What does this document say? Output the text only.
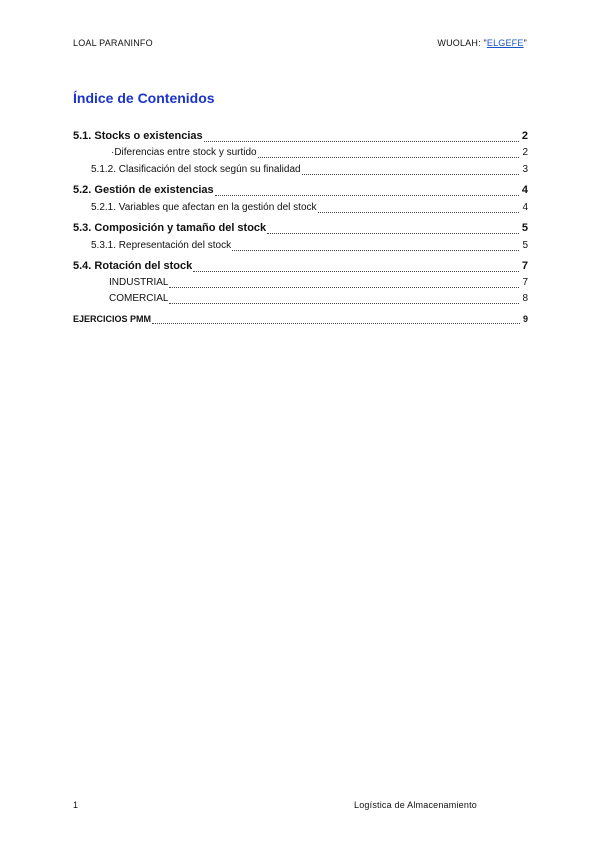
LOAL PARANINFO	WUOLAH: "ELGEFE"
Índice de Contenidos
5.1. Stocks o existencias	2
·Diferencias entre stock y surtido	2
5.1.2. Clasificación del stock según su finalidad	3
5.2. Gestión de existencias	4
5.2.1. Variables que afectan en la gestión del stock	4
5.3. Composición y tamaño del stock	5
5.3.1. Representación del stock	5
5.4. Rotación del stock	7
INDUSTRIAL	7
COMERCIAL	8
EJERCICIOS PMM	9
1	Logística de Almacenamiento
